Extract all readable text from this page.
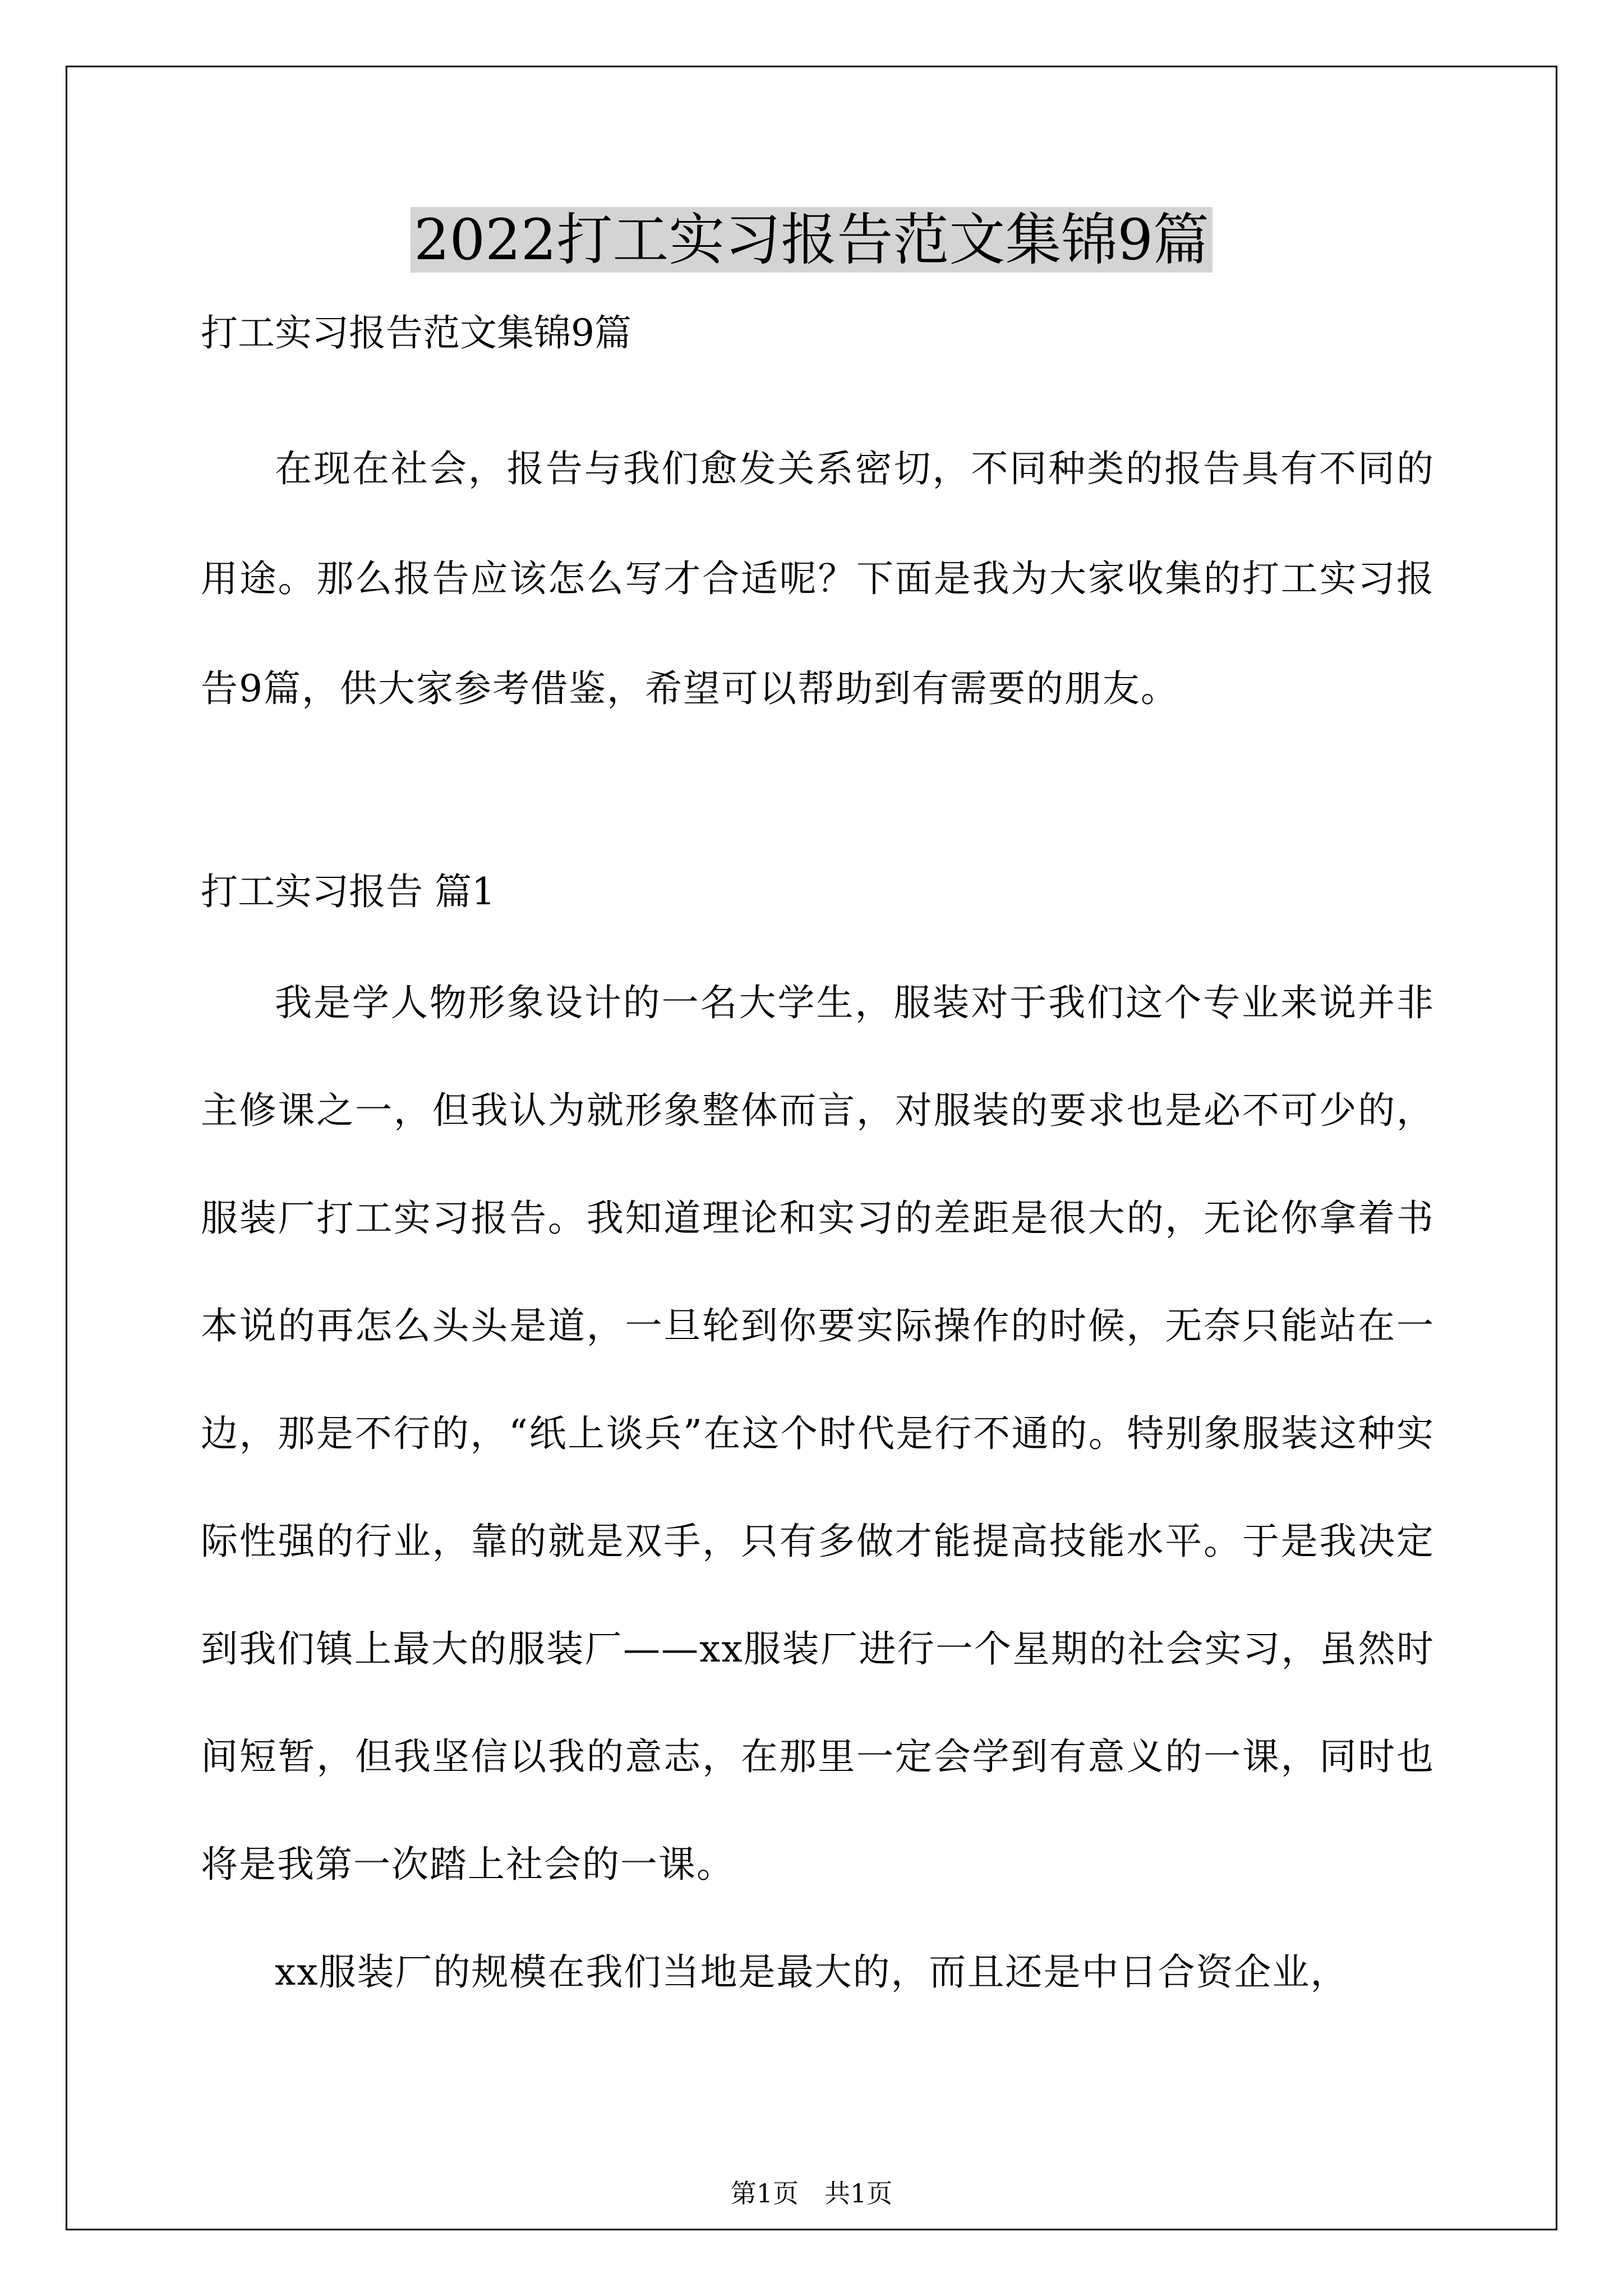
2022打工实习报告范文集锦9篇

打工实习报告范文集锦9篇

在现在社会，报告与我们愈发关系密切，不同种类的报告具有不同的用途。那么报告应该怎么写才合适呢？下面是我为大家收集的打工实习报告9篇，供大家参考借鉴，希望可以帮助到有需要的朋友。

打工实习报告 篇1

我是学人物形象设计的一名大学生，服装对于我们这个专业来说并非主修课之一，但我认为就形象整体而言，对服装的要求也是必不可少的，服装厂打工实习报告。我知道理论和实习的差距是很大的，无论你拿着书本说的再怎么头头是道，一旦轮到你要实际操作的时候，无奈只能站在一边，那是不行的，“纸上谈兵”在这个时代是行不通的。特别象服装这种实际性强的行业，靠的就是双手，只有多做才能提高技能水平。于是我决定到我们镇上最大的服装厂——xx服装厂进行一个星期的社会实习，虽然时间短暂，但我坚信以我的意志，在那里一定会学到有意义的一课，同时也将是我第一次踏上社会的一课。

xx服装厂的规模在我们当地是最大的，而且还是中日合资企业，

第1页 共1页
